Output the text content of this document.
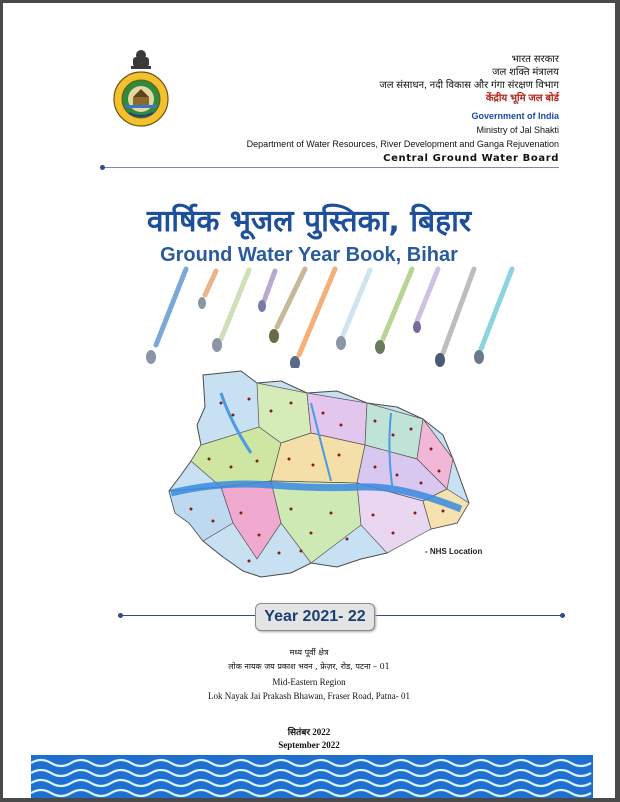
भारत सरकार
जल शक्ति मंत्रालय
जल संसाधन, नदी विकास और गंगा संरक्षण विभाग
केंद्रीय भूमि जल बोर्ड
Government of India
Ministry of Jal Shakti
Department of Water Resources, River Development and Ganga Rejuvenation
Central Ground Water Board
वार्षिक भूजल पुस्तिका, बिहार
Ground Water Year Book, Bihar
- NHS Location
Year 2021- 22
मध्य पूर्वी क्षेत्र
लोक नायक जय प्रकाश भवन , फ्रेज़र, रोड, पटना – 01
Mid-Eastern Region
Lok Nayak Jai Prakash Bhawan, Fraser Road, Patna- 01
सितंबर 2022
September 2022
